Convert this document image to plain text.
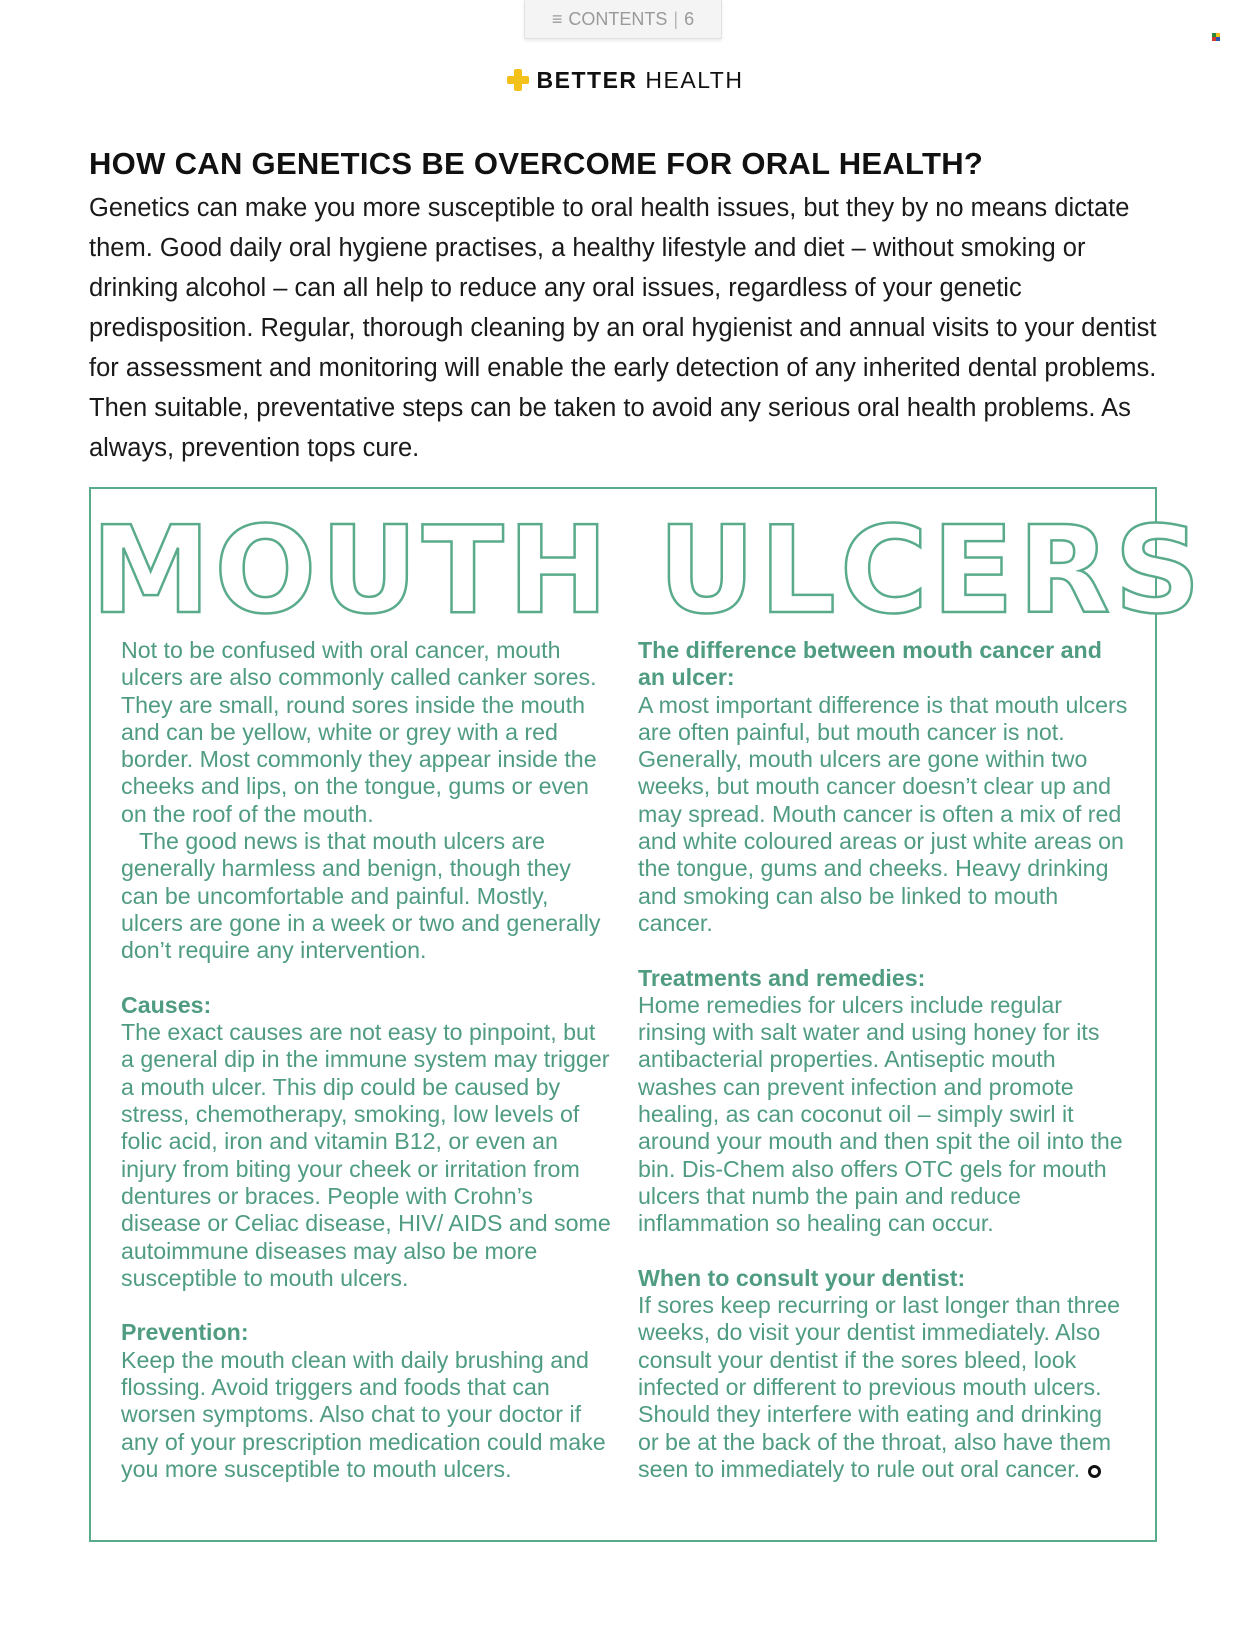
≡ CONTENTS | 6
BETTER HEALTH
HOW CAN GENETICS BE OVERCOME FOR ORAL HEALTH?

Genetics can make you more susceptible to oral health issues, but they by no means dictate them. Good daily oral hygiene practises, a healthy lifestyle and diet – without smoking or drinking alcohol – can all help to reduce any oral issues, regardless of your genetic predisposition. Regular, thorough cleaning by an oral hygienist and annual visits to your dentist for assessment and monitoring will enable the early detection of any inherited dental problems. Then suitable, preventative steps can be taken to avoid any serious oral health problems. As always, prevention tops cure.

MOUTH ULCERS

Not to be confused with oral cancer, mouth ulcers are also commonly called canker sores. They are small, round sores inside the mouth and can be yellow, white or grey with a red border. Most commonly they appear inside the cheeks and lips, on the tongue, gums or even on the roof of the mouth.

The good news is that mouth ulcers are generally harmless and benign, though they can be uncomfortable and painful. Mostly, ulcers are gone in a week or two and generally don’t require any intervention.

Causes:

The exact causes are not easy to pinpoint, but a general dip in the immune system may trigger a mouth ulcer. This dip could be caused by stress, chemotherapy, smoking, low levels of folic acid, iron and vitamin B12, or even an injury from biting your cheek or irritation from dentures or braces. People with Crohn’s disease or Celiac disease, HIV/ AIDS and some autoimmune diseases may also be more susceptible to mouth ulcers.

Prevention:

Keep the mouth clean with daily brushing and flossing. Avoid triggers and foods that can worsen symptoms. Also chat to your doctor if any of your prescription medication could make you more susceptible to mouth ulcers.

The difference between mouth cancer and an ulcer:

A most important difference is that mouth ulcers are often painful, but mouth cancer is not. Generally, mouth ulcers are gone within two weeks, but mouth cancer doesn’t clear up and may spread. Mouth cancer is often a mix of red and white coloured areas or just white areas on the tongue, gums and cheeks. Heavy drinking and smoking can also be linked to mouth cancer.

Treatments and remedies:

Home remedies for ulcers include regular rinsing with salt water and using honey for its antibacterial properties. Antiseptic mouth washes can prevent infection and promote healing, as can coconut oil – simply swirl it around your mouth and then spit the oil into the bin. Dis-Chem also offers OTC gels for mouth ulcers that numb the pain and reduce inflammation so healing can occur.

When to consult your dentist:

If sores keep recurring or last longer than three weeks, do visit your dentist immediately. Also consult your dentist if the sores bleed, look infected or different to previous mouth ulcers. Should they interfere with eating and drinking or be at the back of the throat, also have them seen to immediately to rule out oral cancer.
